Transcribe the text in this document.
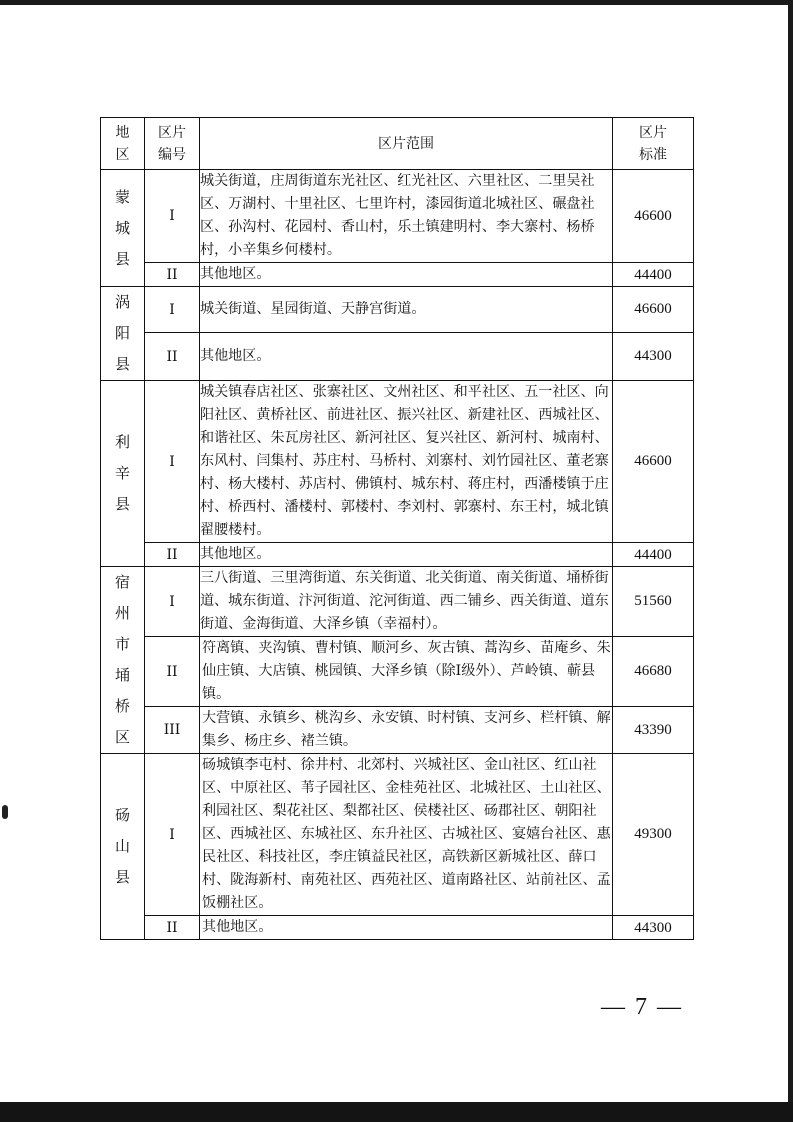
地区	区片编号	区片范围	区片标准

蒙城县	I	城关街道，庄周街道东光社区、红光社区、六里社区、二里吴社区、万湖村、十里社区、七里许村，漆园街道北城社区、碾盘社区、孙沟村、花园村、香山村，乐土镇建明村、李大寨村、杨桥村，小辛集乡何楼村。	46600
	II	其他地区。	44400

涡阳县	I	城关街道、星园街道、天静宫街道。	46600
	II	其他地区。	44300

利辛县	I	城关镇春店社区、张寨社区、文州社区、和平社区、五一社区、向阳社区、黄桥社区、前进社区、振兴社区、新建社区、西城社区、和谐社区、朱瓦房社区、新河社区、复兴社区、新河村、城南村、东风村、闫集村、苏庄村、马桥村、刘寨村、刘竹园社区、董老寨村、杨大楼村、苏店村、佛镇村、城东村、蒋庄村，西潘楼镇于庄村、桥西村、潘楼村、郭楼村、李刘村、郭寨村、东王村，城北镇翟腰楼村。	46600
	II	其他地区。	44400

宿州市埇桥区	I	三八街道、三里湾街道、东关街道、北关街道、南关街道、埇桥街道、城东街道、汴河街道、沱河街道、西二铺乡、西关街道、道东街道、金海街道、大泽乡镇（幸福村）。	51560
	II	符离镇、夹沟镇、曹村镇、顺河乡、灰古镇、蒿沟乡、苗庵乡、朱仙庄镇、大店镇、桃园镇、大泽乡镇（除I级外）、芦岭镇、蕲县镇。	46680
	III	大营镇、永镇乡、桃沟乡、永安镇、时村镇、支河乡、栏杆镇、解集乡、杨庄乡、褚兰镇。	43390

砀山县	I	砀城镇李屯村、徐井村、北郊村、兴城社区、金山社区、红山社区、中原社区、苇子园社区、金桂苑社区、北城社区、土山社区、利园社区、梨花社区、梨都社区、侯楼社区、砀郡社区、朝阳社区、西城社区、东城社区、东升社区、古城社区、宴嬉台社区、惠民社区、科技社区，李庄镇益民社区，高铁新区新城社区、薛口村、陇海新村、南苑社区、西苑社区、道南路社区、站前社区、孟饭棚社区。	49300
	II	其他地区。	44300
— 7 —
